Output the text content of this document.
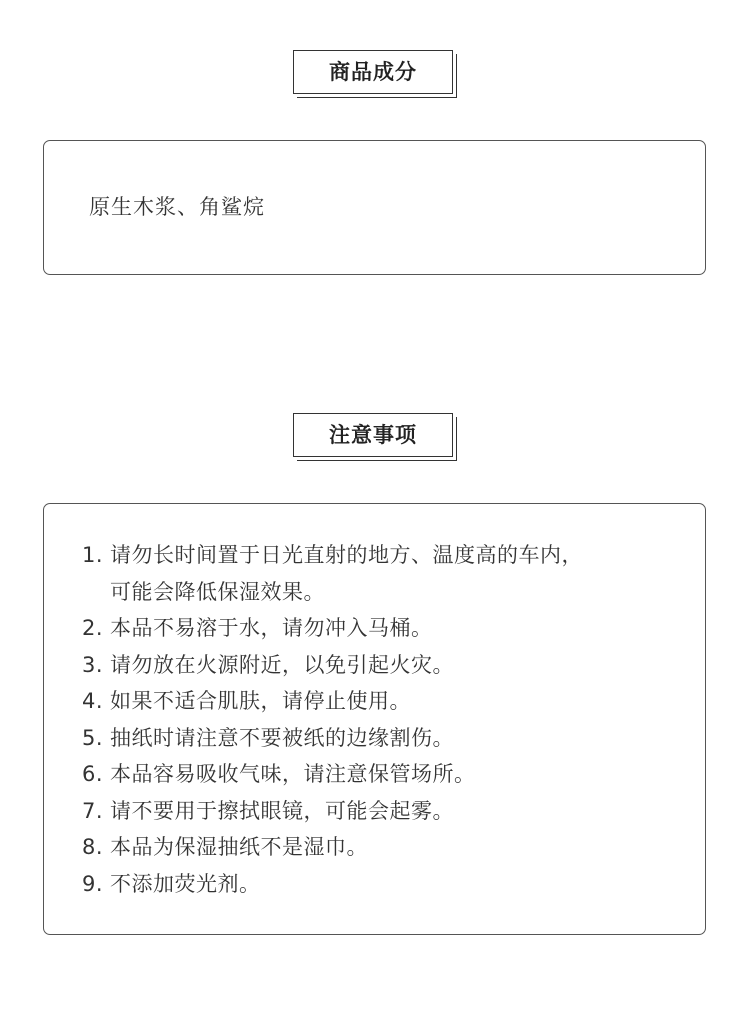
商品成分
原生木浆、角鲨烷
注意事项
1. 请勿长时间置于日光直射的地方、温度高的车内，
可能会降低保湿效果。
2. 本品不易溶于水，请勿冲入马桶。
3. 请勿放在火源附近，以免引起火灾。
4. 如果不适合肌肤，请停止使用。
5. 抽纸时请注意不要被纸的边缘割伤。
6. 本品容易吸收气味，请注意保管场所。
7. 请不要用于擦拭眼镜，可能会起雾。
8. 本品为保湿抽纸不是湿巾。
9. 不添加荧光剂。
